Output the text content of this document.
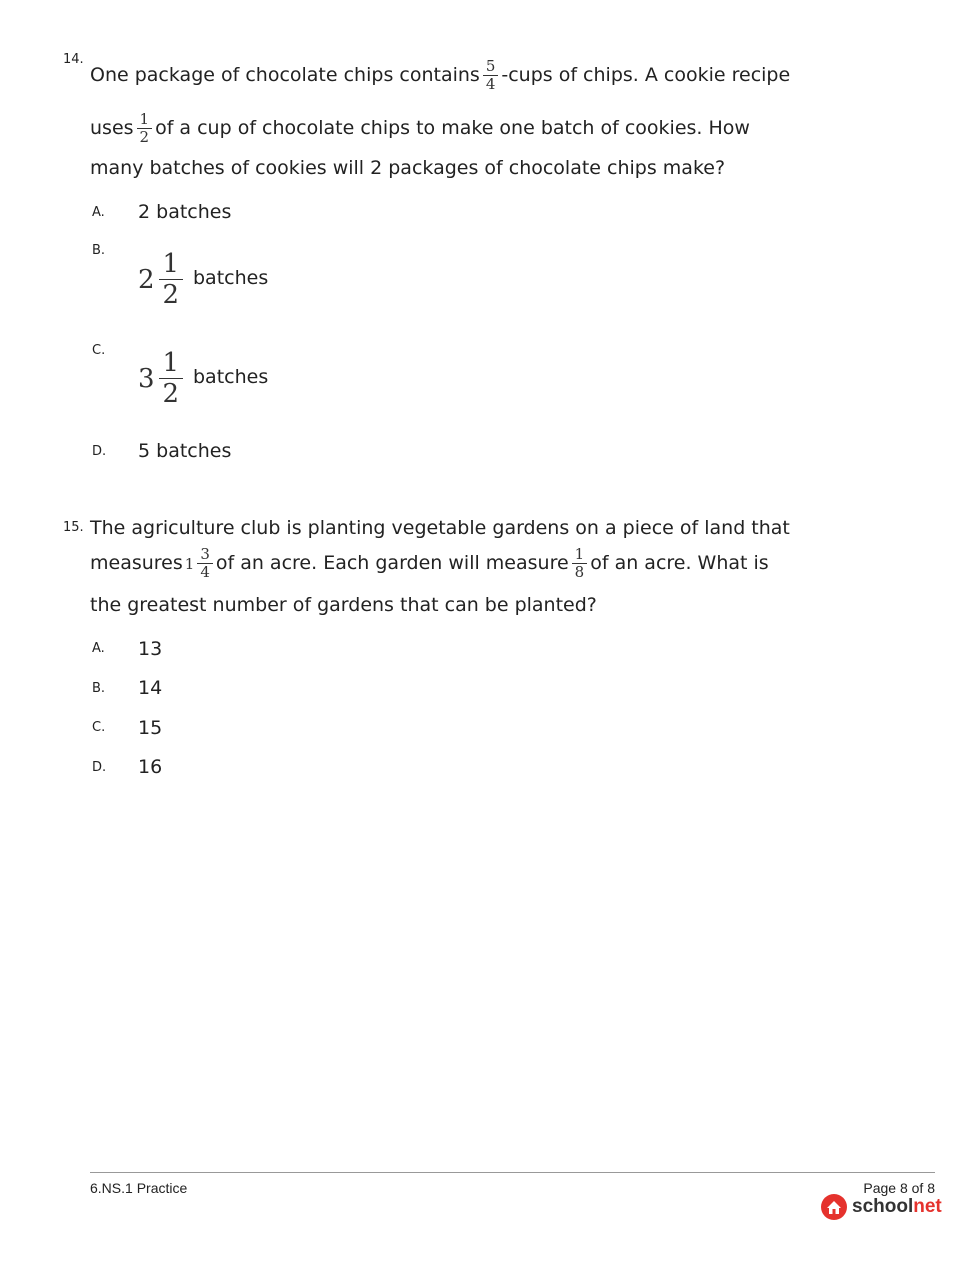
14.
One package of chocolate chips contains $\frac{5}{4}$ -cups of chips. A cookie recipe
uses $\frac{1}{2}$ of a cup of chocolate chips to make one batch of cookies. How
many batches of cookies will 2 packages of chocolate chips make?
A. 2 batches
B.
$2 \frac{1}{2}$ batches
C.
$3 \frac{1}{2}$ batches
D. 5 batches
15. The agriculture club is planting vegetable gardens on a piece of land that
measures $1 \frac{3}{4}$ of an acre. Each garden will measure $\frac{1}{8}$ of an acre. What is
the greatest number of gardens that can be planted?
A. 13
B. 14
C. 15
D. 16
6.NS.1 Practice	Page 8 of 8
schoolnet
